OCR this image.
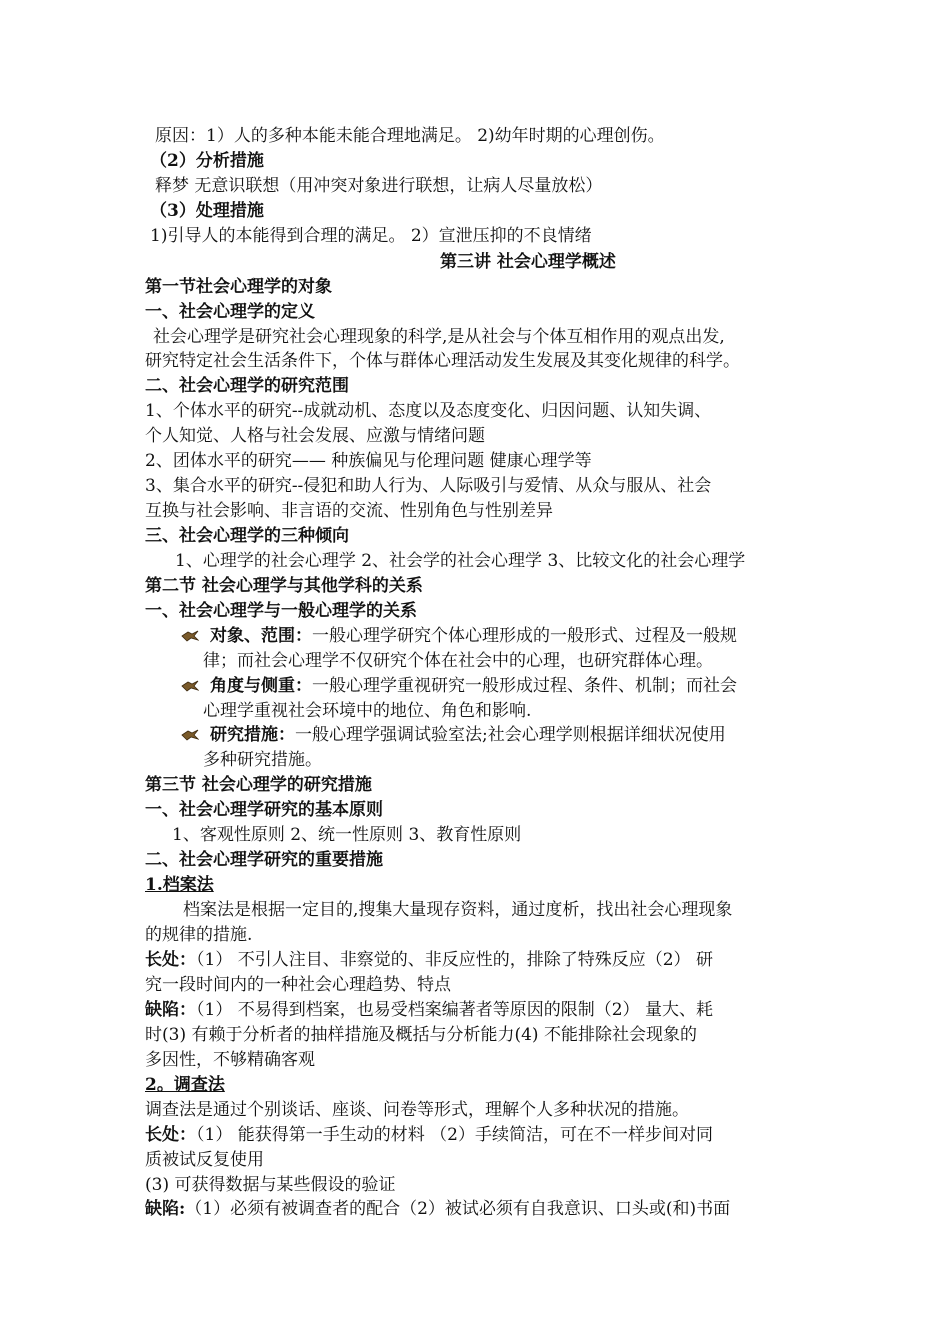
原因：1）人的多种本能未能合理地满足。 2)幼年时期的心理创伤。
（2）分析措施
释梦 无意识联想（用冲突对象进行联想，让病人尽量放松）
（3）处理措施
1)引导人的本能得到合理的满足。 2）宣泄压抑的不良情绪
第三讲 社会心理学概述
第一节社会心理学的对象
一、社会心理学的定义
社会心理学是研究社会心理现象的科学,是从社会与个体互相作用的观点出发,
研究特定社会生活条件下，个体与群体心理活动发生发展及其变化规律的科学。
二、社会心理学的研究范围
1、个体水平的研究--成就动机、态度以及态度变化、归因问题、认知失调、
个人知觉、人格与社会发展、应激与情绪问题
2、团体水平的研究—— 种族偏见与伦理问题 健康心理学等
3、集合水平的研究--侵犯和助人行为、人际吸引与爱情、从众与服从、社会
互换与社会影响、非言语的交流、性别角色与性别差异
三、社会心理学的三种倾向
1、心理学的社会心理学 2、社会学的社会心理学 3、比较文化的社会心理学
第二节 社会心理学与其他学科的关系
一、社会心理学与一般心理学的关系
对象、范围：一般心理学研究个体心理形成的一般形式、过程及一般规
律；而社会心理学不仅研究个体在社会中的心理，也研究群体心理。
角度与侧重：一般心理学重视研究一般形成过程、条件、机制；而社会
心理学重视社会环境中的地位、角色和影响.
研究措施：一般心理学强调试验室法;社会心理学则根据详细状况使用
多种研究措施。
第三节 社会心理学的研究措施
一、社会心理学研究的基本原则
1、客观性原则 2、统一性原则 3、教育性原则
二、社会心理学研究的重要措施
1.档案法
档案法是根据一定目的,搜集大量现存资料，通过度析，找出社会心理现象
的规律的措施.
长处：（1） 不引人注目、非察觉的、非反应性的，排除了特殊反应（2） 研
究一段时间内的一种社会心理趋势、特点
缺陷：（1） 不易得到档案，也易受档案编著者等原因的限制（2） 量大、耗
时(3) 有赖于分析者的抽样措施及概括与分析能力(4) 不能排除社会现象的
多因性，不够精确客观
2。调查法
调查法是通过个别谈话、座谈、问卷等形式，理解个人多种状况的措施。
长处：（1） 能获得第一手生动的材料 （2）手续简洁，可在不一样步间对同
质被试反复使用
(3) 可获得数据与某些假设的验证
缺陷:（1）必须有被调查者的配合（2）被试必须有自我意识、口头或(和)书面
